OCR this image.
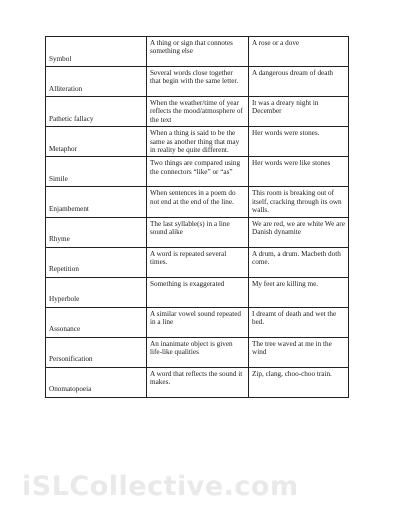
Symbol	A thing or sign that connotes something else	A rose or a dove
Alliteration	Several words close together that begin with the same letter.	A dangerous dream of death
Pathetic fallacy	When the weather/time of year reflects the mood/atmosphere of the text	It was a dreary night in December
Metaphor	When a thing is said to be the same as another thing that may in reality be quite different.	Her words were stones.
Simile	Two things are compared using the connectors “like” or “as”	Her words were like stones
Enjambement	When sentences in a poem do not end at the end of the line.	This room is breaking out of itself, cracking through its own walls.
Rhyme	The last syllable(s) in a line sound alike	We are red, we are white We are Danish dynamite
Repetition	A word is repeated several times.	A drum, a drum. Macbeth doth come.
Hyperbole	Something is exaggerated	My feet are killing me.
Assonance	A similar vowel sound repeated in a line	I dreamt of death and wet the bed.
Personification	An inanimate object is given life-like qualities	The tree waved at me in the wind
Onomatopoeia	A word that reflects the sound it makes.	Zip, clang, choo-choo train.
iSLCollective.com
